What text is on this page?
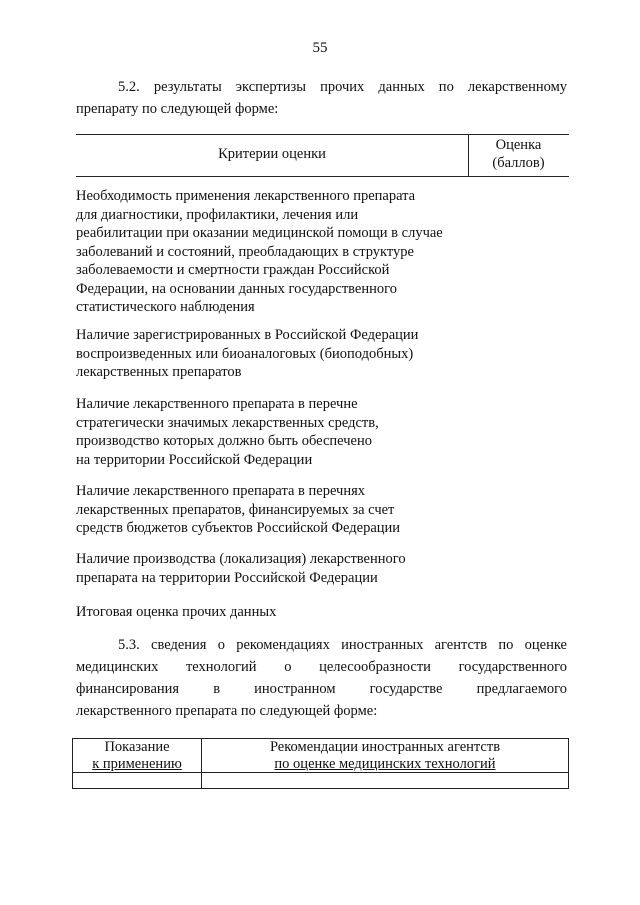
55
5.2. результаты экспертизы прочих данных по лекарственному
препарату по следующей форме:
Критерии оценки
Оценка
(баллов)
Необходимость применения лекарственного препарата
для диагностики, профилактики, лечения или
реабилитации при оказании медицинской помощи в случае
заболеваний и состояний, преобладающих в структуре
заболеваемости и смертности граждан Российской
Федерации, на основании данных государственного
статистического наблюдения
Наличие зарегистрированных в Российской Федерации
воспроизведенных или биоаналоговых (биоподобных)
лекарственных препаратов
Наличие лекарственного препарата в перечне
стратегически значимых лекарственных средств,
производство которых должно быть обеспечено
на территории Российской Федерации
Наличие лекарственного препарата в перечнях
лекарственных препаратов, финансируемых за счет
средств бюджетов субъектов Российской Федерации
Наличие производства (локализация) лекарственного
препарата на территории Российской Федерации
Итоговая оценка прочих данных
5.3. сведения о рекомендациях иностранных агентств по оценке
медицинских технологий о целесообразности государственного
финансирования в иностранном государстве предлагаемого
лекарственного препарата по следующей форме:
Показание
к применению
Рекомендации иностранных агентств
по оценке медицинских технологий
